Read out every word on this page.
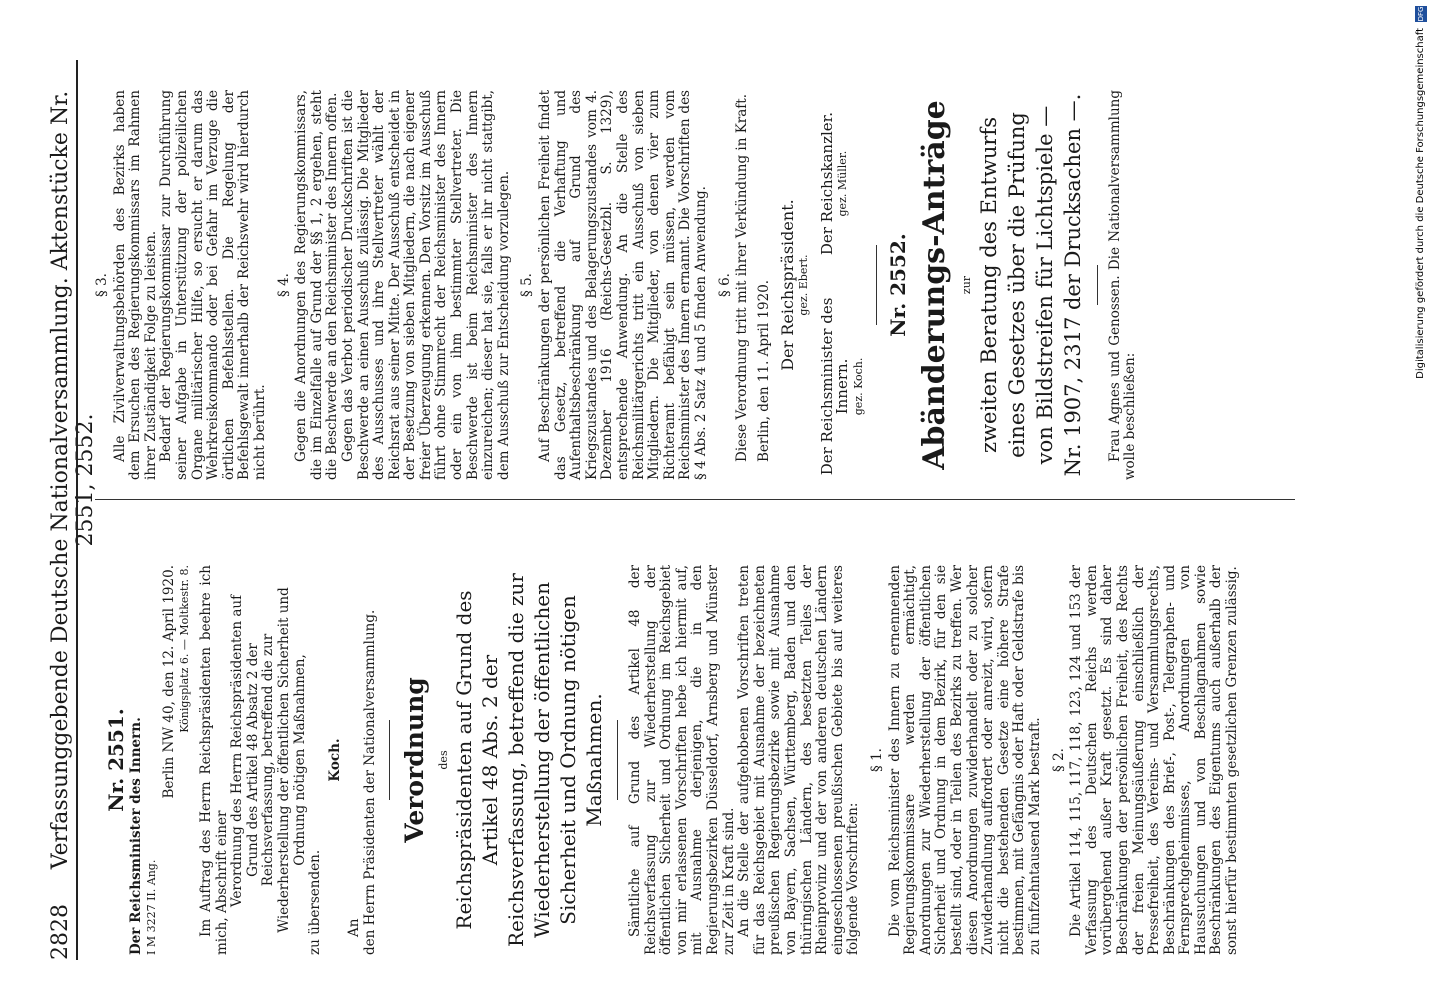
2828
Verfassunggebende Deutsche Nationalversammlung. Aktenstücke Nr. 2551, 2552.
Nr. 2551. Der Reichsminister des Innern. I M 3227 II. Ang.

Berlin NW 40, den 12. April 1920. Königsplatz 6. — Moltkestr. 8. Im Auftrag des Herrn Reichspräsidenten beehre ich mich, Abschrift einer Verordnung des Herrn Reichspräsidenten auf Grund des Artikel 48 Absatz 2 der Reichsverfassung, betreffend die zur Wiederherstellung der öffentlichen Sicherheit und Ordnung nötigen Maßnahmen,

zu übersenden.

Koch.

An den Herrn Präsidenten der Nationalversammlung. Verordnung des Reichspräsidenten auf Grund des Artikel 48 Abs. 2 der Reichsverfassung, betreffend die zur Wiederherstellung der öffentlichen Sicherheit und Ordnung nötigen Maßnahmen. Sämtliche auf Grund des Artikel 48 der Reichsverfassung zur Wiederherstellung der öffentlichen Sicherheit und Ordnung im Reichsgebiet von mir erlassenen Vorschriften hebe ich hiermit auf, mit Ausnahme derjenigen, die in den Regierungsbezirken Düsseldorf, Arnsberg und Münster zur Zeit in Kraft sind. An die Stelle der aufgehobenen Vorschriften treten für das Reichsgebiet mit Ausnahme der bezeichneten preußischen Regierungsbezirke sowie mit Ausnahme von Bayern, Sachsen, Württemberg, Baden und den thüringischen Ländern, des besetzten Teiles der Rheinprovinz und der von anderen deutschen Ländern eingeschlossenen preußischen Gebiete bis auf weiteres folgende Vorschriften:

§ 1. Die vom Reichsminister des Innern zu ernennenden Regierungskommissare werden ermächtigt, Anordnungen zur Wiederherstellung der öffentlichen Sicherheit und Ordnung in dem Bezirk, für den sie bestellt sind, oder in Teilen des Bezirks zu treffen. Wer diesen Anordnungen zuwiderhandelt oder zu solcher Zuwiderhandlung auffordert oder anreizt, wird, sofern nicht die bestehenden Gesetze eine höhere Strafe bestimmen, mit Gefängnis oder Haft oder Geldstrafe bis zu fünfzehntausend Mark bestraft. § 2. Die Artikel 114, 115, 117, 118, 123, 124 und 153 der Verfassung des Deutschen Reichs werden vorübergehend außer Kraft gesetzt. Es sind daher Beschränkungen der persönlichen Freiheit, des Rechts der freien Meinungsäußerung einschließlich der Pressefreiheit, des Vereins- und Versammlungsrechts, Beschränkungen des Brief-, Post-, Telegraphen- und Fernsprechgeheimnisses, Anordnungen von Haussuchungen und von Beschlagnahmen sowie Beschränkungen des Eigentums auch außerhalb der sonst hierfür bestimmten gesetzlichen Grenzen zulässig.

§ 3. Alle Zivilverwaltungsbehörden des Bezirks haben dem Ersuchen des Regierungskommissars im Rahmen ihrer Zuständigkeit Folge zu leisten. Bedarf der Regierungskommissar zur Durchführung seiner Aufgabe in Unterstützung der polizeilichen Organe militärischer Hilfe, so ersucht er darum das Wehrkreiskommando oder bei Gefahr im Verzuge die örtlichen Befehlsstellen. Die Regelung der Befehlsgewalt innerhalb der Reichswehr wird hierdurch nicht berührt.

§ 4. Gegen die Anordnungen des Regierungskommissars, die im Einzelfalle auf Grund der §§ 1, 2 ergehen, steht die Beschwerde an den Reichsminister des Innern offen. Gegen das Verbot periodischer Druckschriften ist die Beschwerde an einen Ausschuß zulässig. Die Mitglieder des Ausschusses und ihre Stellvertreter wählt der Reichsrat aus seiner Mitte. Der Ausschuß entscheidet in der Besetzung von sieben Mitgliedern, die nach eigener freier Überzeugung erkennen. Den Vorsitz im Ausschuß führt ohne Stimmrecht der Reichsminister des Innern oder ein von ihm bestimmter Stellvertreter. Die Beschwerde ist beim Reichsminister des Innern einzureichen; dieser hat sie, falls er ihr nicht stattgibt, dem Ausschuß zur Entscheidung vorzulegen. § 5. Auf Beschränkungen der persönlichen Freiheit findet das Gesetz, betreffend die Verhaftung und Aufenthaltsbeschränkung auf Grund des Kriegszustandes und des Belagerungszustandes vom 4. Dezember 1916 (Reichs-Gesetzbl. S. 1329), entsprechende Anwendung. An die Stelle des Reichsmilitärgerichts tritt ein Ausschuß von sieben Mitgliedern. Die Mitglieder, von denen vier zum Richteramt befähigt sein müssen, werden vom Reichsminister des Innern ernannt. Die Vorschriften des § 4 Abs. 2 Satz 4 und 5 finden Anwendung. § 6. Diese Verordnung tritt mit ihrer Verkündung in Kraft. Berlin, den 11. April 1920. Der Reichspräsident. gez. Ebert.

Der Reichsminister des Innern. gez. Koch.

Der Reichskanzler. gez. Müller.

Nr. 2552. Abänderungs-Anträge zur zweiten Beratung des Entwurfs eines Gesetzes über die Prüfung von Bildstreifen für Lichtspiele — Nr. 1907, 2317 der Drucksachen —. Frau Agnes und Genossen. Die Nationalversammlung wolle beschließen:

Digitalisierung gefördert durch die Deutsche ForschungsgemeinschaftDFG
